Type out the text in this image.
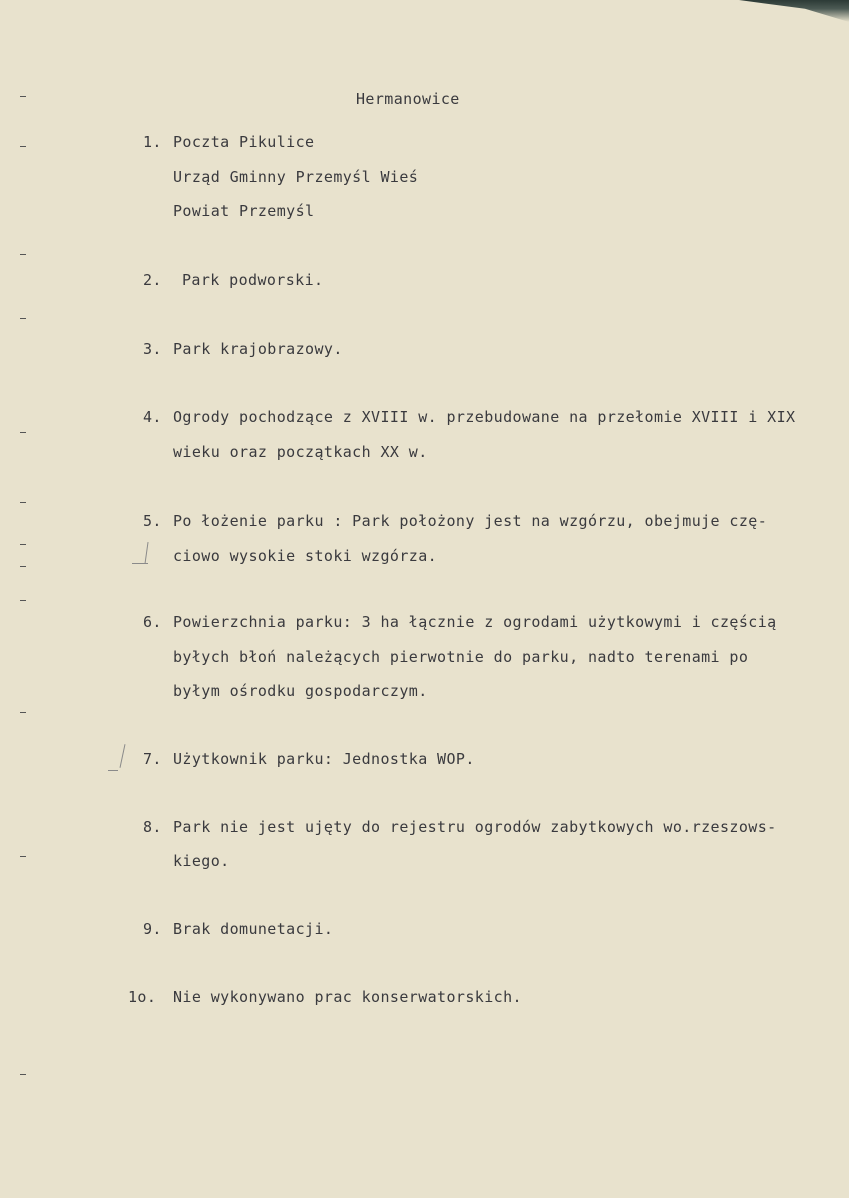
Hermanowice
1. Poczta Pikulice
Urząd Gminny Przemyśl Wieś
Powiat Przemyśl
2. Park podworski.
3. Park krajobrazowy.
4. Ogrody pochodzące z XVIII w. przebudowane na przełomie XVIII i XIX
wieku oraz początkach XX w.
5. Po łożenie parku : Park położony jest na wzgórzu, obejmuje czę-
ciowo wysokie stoki wzgórza.
6. Powierzchnia parku: 3 ha łącznie z ogrodami użytkowymi i częścią
byłych błoń należących pierwotnie do parku, nadto terenami po
byłym ośrodku gospodarczym.
7. Użytkownik parku: Jednostka WOP.
8. Park nie jest ujęty do rejestru ogrodów zabytkowych wo.rzeszows-
kiego.
9. Brak domunetacji.
1o. Nie wykonywano prac konserwatorskich.
